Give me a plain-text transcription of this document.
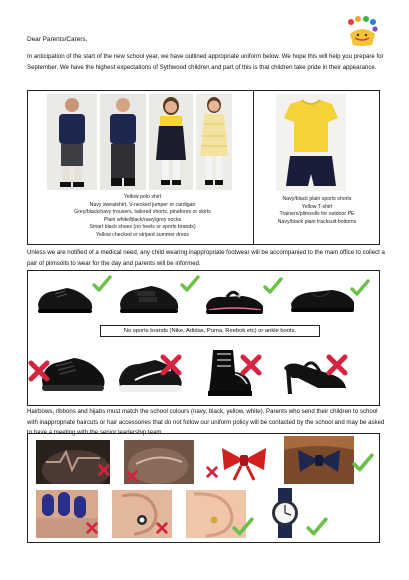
Dear Parents/Carers,
In anticipation of the start of the new school year, we have outlined appropriate uniform below. We hope this will help you prepare for September. We have the highest expectations of Sythwood children and part of this is that children take pride in their appearance.
Yellow polo shirt
Navy sweatshirt, V-necked jumper or cardigan
Grey/black/navy trousers, tailored shorts, pinafores or skirts
Plain white/black/navy/grey socks
Smart black shoes (no heels or sports brands)
Yellow checked or striped summer dress
Navy/black plain sports shorts
Yellow T-shirt
Trainers/plimsolls for outdoor PE
Navy/black plain tracksuit bottoms
Unless we are notified of a medical need, any child wearing inappropriate footwear will be accompanied to the main office to collect a pair of plimsolls to wear for the day and parents will be informed.
No sports brands (Nike, Adidas, Puma, Reebok etc) or ankle boots.
Hairbows, ribbons and hijabs must match the school colours (navy, black, yellow, white). Parents who send their children to school with inappropriate haircuts or hair accessories that do not follow our uniform policy will be contacted by the school and may be asked to have a meeting with the senior leadership team.
